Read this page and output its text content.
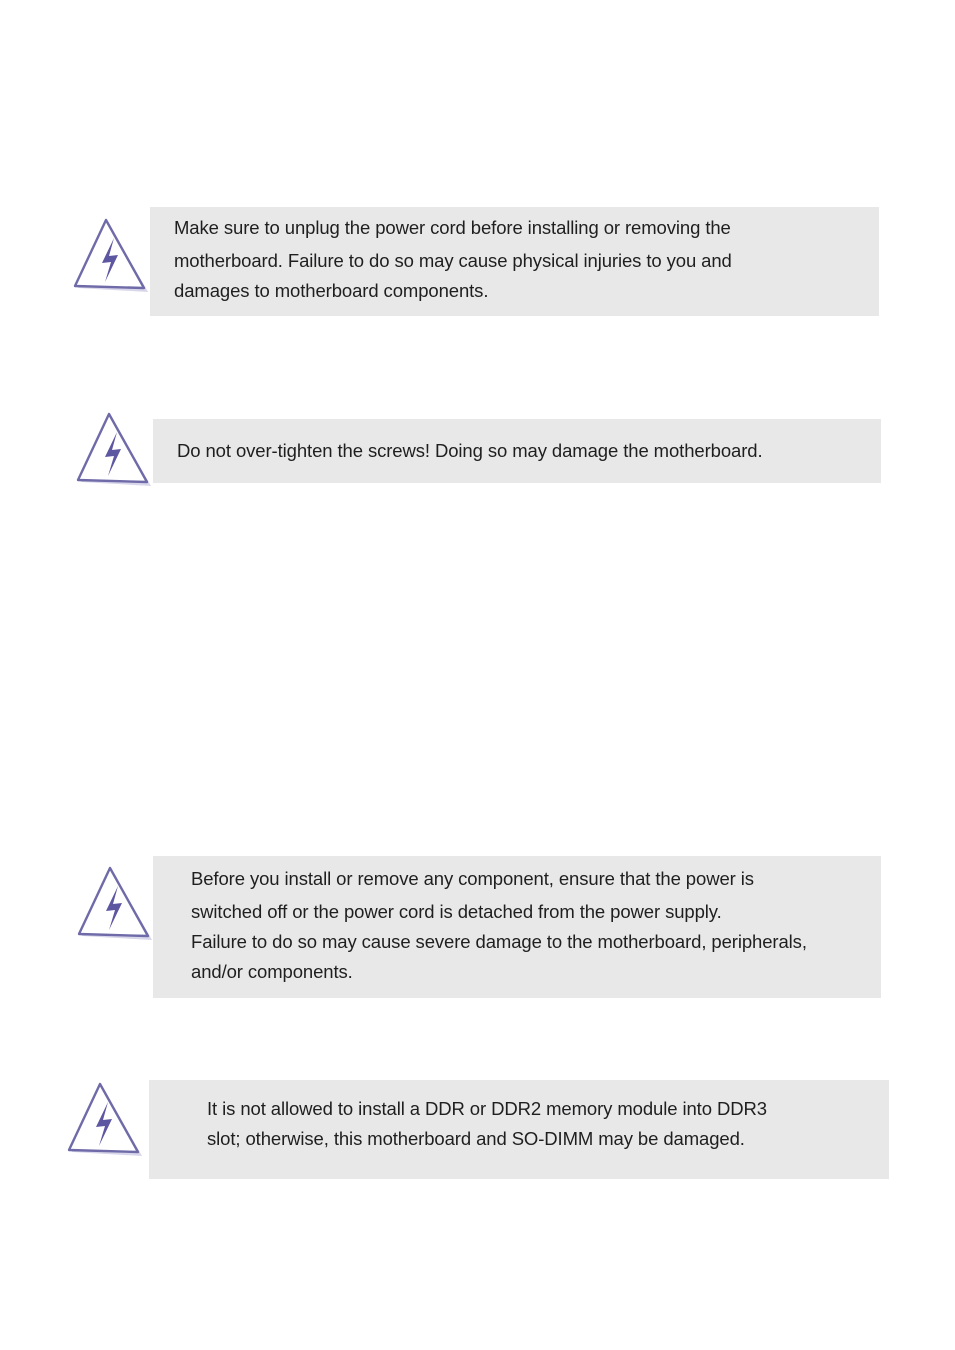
Make sure to unplug the power cord before installing or removing the
motherboard. Failure to do so may cause physical injuries to you and
damages to motherboard components.
Do not over-tighten the screws! Doing so may damage the motherboard.
Before you install or remove any component, ensure that the power is
switched off or the power cord is detached from the power supply.
Failure to do so may cause severe damage to the motherboard, peripherals,
and/or components.
It is not allowed to install a DDR or DDR2 memory module into DDR3
slot; otherwise, this motherboard and SO-DIMM may be damaged.
